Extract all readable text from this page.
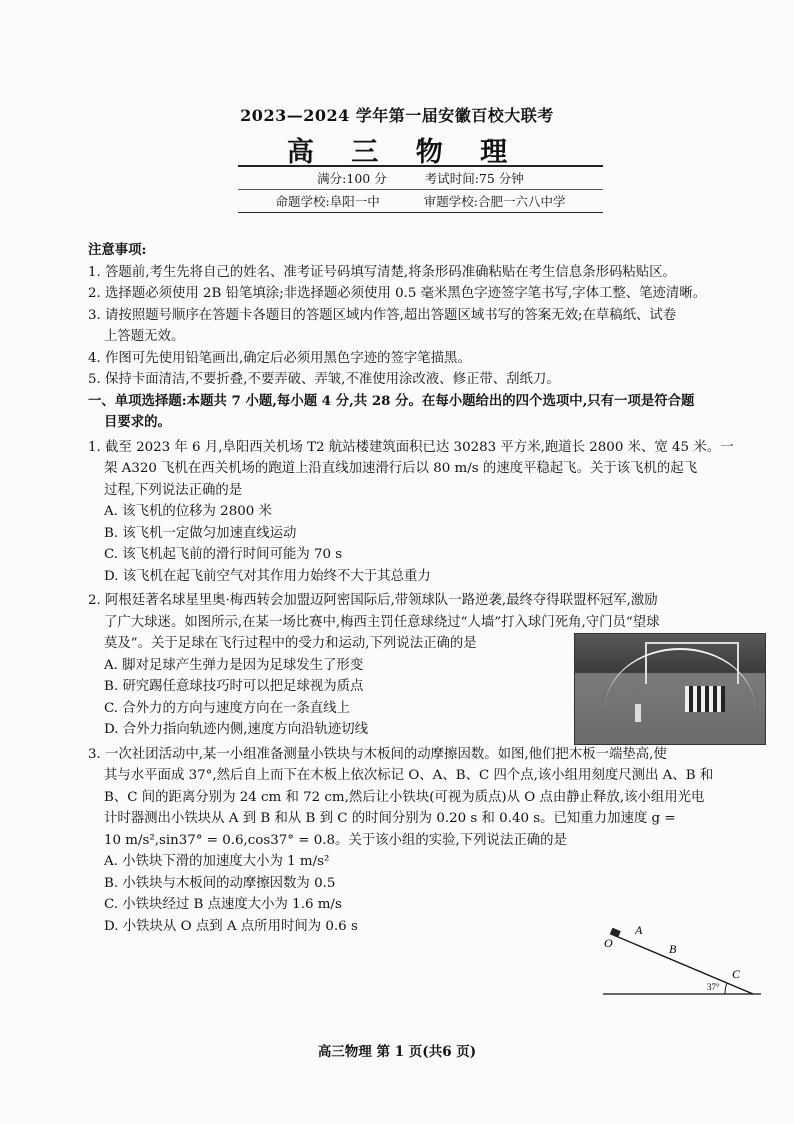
2023—2024 学年第一届安徽百校大联考
高 三 物 理
满分:100 分	考试时间:75 分钟
命题学校:阜阳一中	审题学校:合肥一六八中学
注意事项:
1. 答题前,考生先将自己的姓名、准考证号码填写清楚,将条形码准确粘贴在考生信息条形码粘贴区。
2. 选择题必须使用 2B 铅笔填涂;非选择题必须使用 0.5 毫米黑色字迹签字笔书写,字体工整、笔迹清晰。
3. 请按照题号顺序在答题卡各题目的答题区域内作答,超出答题区域书写的答案无效;在草稿纸、试卷
上答题无效。
4. 作图可先使用铅笔画出,确定后必须用黑色字迹的签字笔描黑。
5. 保持卡面清洁,不要折叠,不要弄破、弄皱,不准使用涂改液、修正带、刮纸刀。
一、单项选择题:本题共 7 小题,每小题 4 分,共 28 分。在每小题给出的四个选项中,只有一项是符合题
目要求的。
1. 截至 2023 年 6 月,阜阳西关机场 T2 航站楼建筑面积已达 30283 平方米,跑道长 2800 米、宽 45 米。一
架 A320 飞机在西关机场的跑道上沿直线加速滑行后以 80 m/s 的速度平稳起飞。关于该飞机的起飞
过程,下列说法正确的是
A. 该飞机的位移为 2800 米
B. 该飞机一定做匀加速直线运动
C. 该飞机起飞前的滑行时间可能为 70 s
D. 该飞机在起飞前空气对其作用力始终不大于其总重力
2. 阿根廷著名球星里奥·梅西转会加盟迈阿密国际后,带领球队一路逆袭,最终夺得联盟杯冠军,激励
了广大球迷。如图所示,在某一场比赛中,梅西主罚任意球绕过“人墙”打入球门死角,守门员“望球
莫及”。关于足球在飞行过程中的受力和运动,下列说法正确的是
A. 脚对足球产生弹力是因为足球发生了形变
B. 研究踢任意球技巧时可以把足球视为质点
C. 合外力的方向与速度方向在一条直线上
D. 合外力指向轨迹内侧,速度方向沿轨迹切线
3. 一次社团活动中,某一小组准备测量小铁块与木板间的动摩擦因数。如图,他们把木板一端垫高,使
其与水平面成 37°,然后自上而下在木板上依次标记 O、A、B、C 四个点,该小组用刻度尺测出 A、B 和
B、C 间的距离分别为 24 cm 和 72 cm,然后让小铁块(可视为质点)从 O 点由静止释放,该小组用光电
计时器测出小铁块从 A 到 B 和从 B 到 C 的时间分别为 0.20 s 和 0.40 s。已知重力加速度 g =
10 m/s²,sin37° = 0.6,cos37° = 0.8。关于该小组的实验,下列说法正确的是
A. 小铁块下滑的加速度大小为 1 m/s²
B. 小铁块与木板间的动摩擦因数为 0.5
C. 小铁块经过 B 点速度大小为 1.6 m/s
D. 小铁块从 O 点到 A 点所用时间为 0.6 s
O
A
B
C
37°
高三物理 第 1 页(共6 页)
